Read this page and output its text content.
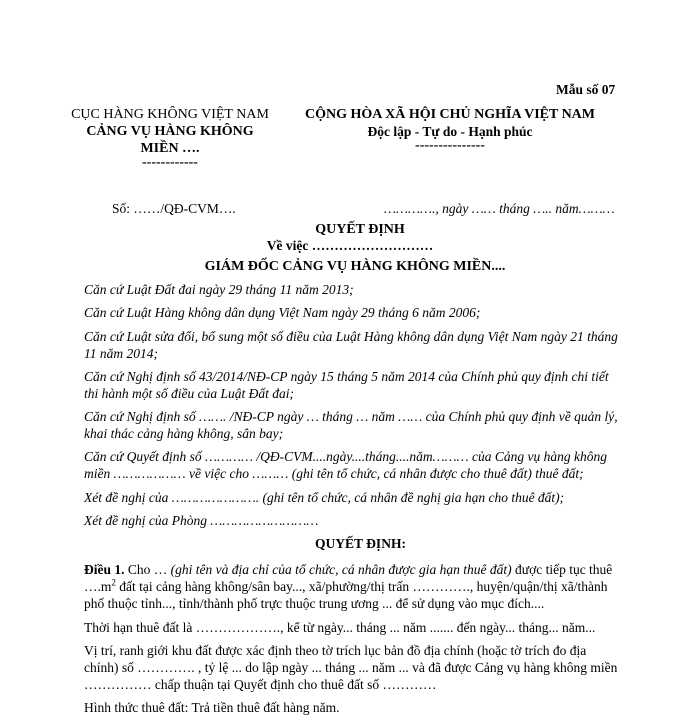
Mẫu số 07
CỤC HÀNG KHÔNG VIỆT NAM
CẢNG VỤ HÀNG KHÔNG MIỀN ….
------------
CỘNG HÒA XÃ HỘI CHỦ NGHĨA VIỆT NAM
Độc lập - Tự do - Hạnh phúc
---------------
Số: ……/QĐ-CVM….	…………., ngày …… tháng ….. năm………
QUYẾT ĐỊNH
Về việc ………………………
GIÁM ĐỐC CẢNG VỤ HÀNG KHÔNG MIỀN....

Căn cứ Luật Đất đai ngày 29 tháng 11 năm 2013;

Căn cứ Luật Hàng không dân dụng Việt Nam ngày 29 tháng 6 năm 2006;

Căn cứ Luật sửa đổi, bổ sung một số điều của Luật Hàng không dân dụng Việt Nam ngày 21 tháng 11 năm 2014;

Căn cứ Nghị định số 43/2014/NĐ-CP ngày 15 tháng 5 năm 2014 của Chính phủ quy định chi tiết thi hành một số điều của Luật Đất đai;

Căn cứ Nghị định số ……. /NĐ-CP ngày … tháng … năm …… của Chính phủ quy định về quản lý, khai thác cảng hàng không, sân bay;

Căn cứ Quyết định số ………… /QĐ-CVM....ngày....tháng....năm……… của Cảng vụ hàng không miền ……………… về việc cho ……… (ghi tên tổ chức, cá nhân được cho thuê đất) thuê đất;

Xét đề nghị của …………………. (ghi tên tổ chức, cá nhân đề nghị gia hạn cho thuê đất);

Xét đề nghị của Phòng ………………………

QUYẾT ĐỊNH:

Điều 1. Cho … (ghi tên và địa chỉ của tổ chức, cá nhân được gia hạn thuê đất) được tiếp tục thuê $\dots.m^2$ đất tại cảng hàng không/sân bay..., xã/phường/thị trấn …………., huyện/quận/thị xã/thành phố thuộc tỉnh..., tỉnh/thành phố trực thuộc trung ương ... để sử dụng vào mục đích....

Thời hạn thuê đất là ………………., kể từ ngày... tháng ... năm ....... đến ngày... tháng... năm...

Vị trí, ranh giới khu đất được xác định theo tờ trích lục bản đồ địa chính (hoặc tờ trích đo địa chính) số …………. , tỷ lệ ... do lập ngày ... tháng ... năm ... và đã được Cảng vụ hàng không miền …………… chấp thuận tại Quyết định cho thuê đất số …………

Hình thức thuê đất: Trả tiền thuê đất hàng năm.
